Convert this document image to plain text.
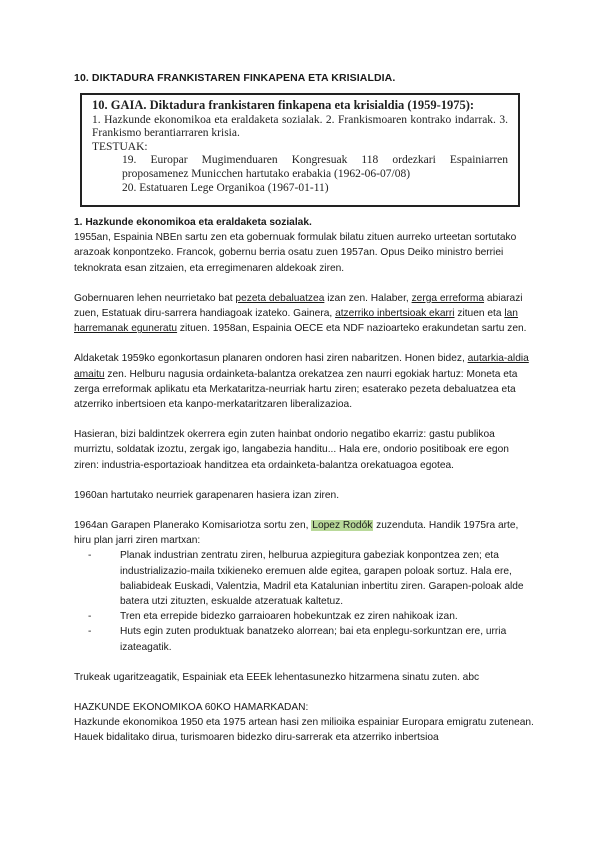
10. DIKTADURA FRANKISTAREN FINKAPENA ETA KRISIALDIA.
10. GAIA. Diktadura frankistaren finkapena eta krisialdia (1959-1975):
1. Hazkunde ekonomikoa eta eraldaketa sozialak. 2. Frankismoaren kontrako indarrak. 3. Frankismo berantiarraren krisia.
TESTUAK:
19. Europar Mugimenduaren Kongresuak 118 ordezkari Espainiarren proposamenez Municchen hartutako erabakia (1962-06-07/08)
20. Estatuaren Lege Organikoa (1967-01-11)

1. Hazkunde ekonomikoa eta eraldaketa sozialak.

1955an, Espainia NBEn sartu zen eta gobernuak formulak bilatu zituen aurreko urteetan sortutako arazoak konpontzeko. Francok, gobernu berria osatu zuen 1957an. Opus Deiko ministro berriei teknokrata esan zitzaien, eta erregimenaren aldekoak ziren.

Gobernuaren lehen neurrietako bat pezeta debaluatzea izan zen. Halaber, zerga erreforma abiarazi zuen, Estatuak diru-sarrera handiagoak izateko. Gainera, atzerriko inbertsioak ekarri zituen eta lan harremanak eguneratu zituen. 1958an, Espainia OECE eta NDF nazioarteko erakundetan sartu zen.

Aldaketak 1959ko egonkortasun planaren ondoren hasi ziren nabaritzen. Honen bidez, autarkia-aldia amaitu zen. Helburu nagusia ordainketa-balantza orekatzea zen naurri egokiak hartuz: Moneta eta zerga erreformak aplikatu eta Merkataritza-neurriak hartu ziren; esaterako pezeta debaluatzea eta atzerriko inbertsioen eta kanpo-merkataritzaren liberalizazioa.

Hasieran, bizi baldintzek okerrera egin zuten hainbat ondorio negatibo ekarriz: gastu publikoa murriztu, soldatak izoztu, zergak igo, langabezia handitu... Hala ere, ondorio positiboak ere egon ziren: industria-esportazioak handitzea eta ordainketa-balantza orekatuagoa egotea.

1960an hartutako neurriek garapenaren hasiera izan ziren.

1964an Garapen Planerako Komisariotza sortu zen, Lopez Rodók zuzenduta. Handik 1975ra arte, hiru plan jarri ziren martxan:

-	Planak industrian zentratu ziren, helburua azpiegitura gabeziak konpontzea zen; eta industrializazio-maila txikieneko eremuen alde egitea, garapen poloak sortuz. Hala ere, baliabideak Euskadi, Valentzia, Madril eta Katalunian inbertitu ziren. Garapen-poloak alde batera utzi zituzten, eskualde atzeratuak kaltetuz.
-	Tren eta errepide bidezko garraioaren hobekuntzak ez ziren nahikoak izan.
-	Huts egin zuten produktuak banatzeko alorrean; bai eta enplegu-sorkuntzan ere, urria izateagatik.

Trukeak ugaritzeagatik, Espainiak eta EEEk lehentasunezko hitzarmena sinatu zuten. abc

HAZKUNDE EKONOMIKOA 60KO HAMARKADAN:

Hazkunde ekonomikoa 1950 eta 1975 artean hasi zen milioika espainiar Europara emigratu zutenean. Hauek bidalitako dirua, turismoaren bidezko diru-sarrerak eta atzerriko inbertsioa
